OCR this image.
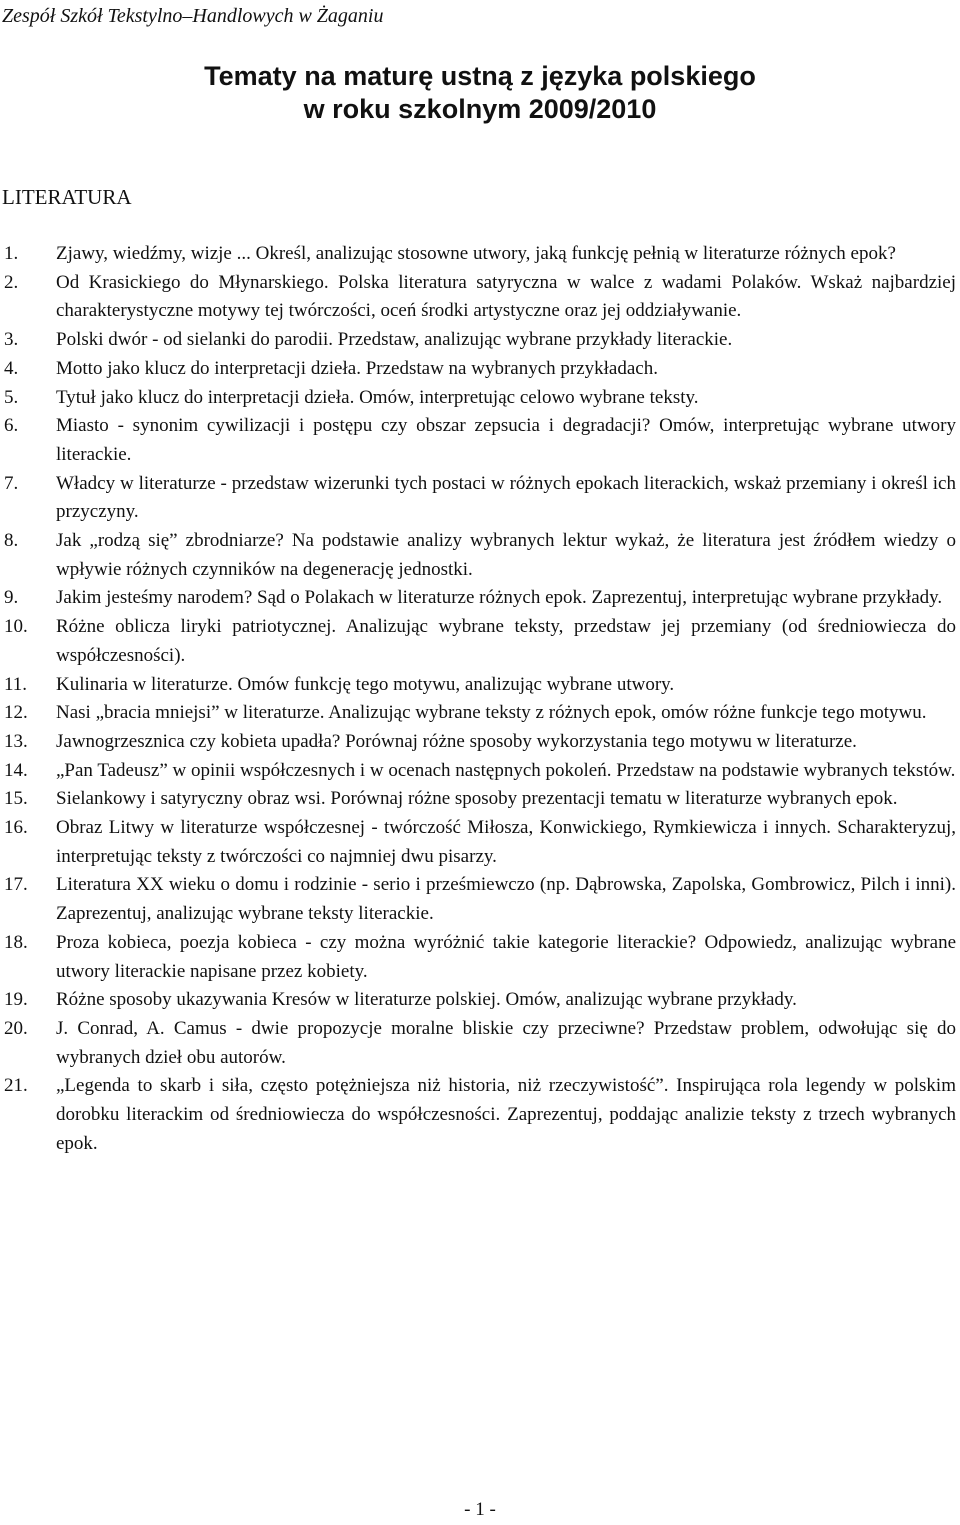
Zespół Szkół Tekstylno–Handlowych w Żaganiu
Tematy na maturę ustną z języka polskiego
w roku szkolnym 2009/2010
LITERATURA
1. Zjawy, wiedźmy, wizje ... Określ, analizując stosowne utwory, jaką funkcję pełnią w literaturze różnych epok?
2. Od Krasickiego do Młynarskiego. Polska literatura satyryczna w walce z wadami Polaków. Wskaż najbardziej charakterystyczne motywy tej twórczości, oceń środki artystyczne oraz jej oddziaływanie.
3. Polski dwór - od sielanki do parodii. Przedstaw, analizując wybrane przykłady literackie.
4. Motto jako klucz do interpretacji dzieła. Przedstaw na wybranych przykładach.
5. Tytuł jako klucz do interpretacji dzieła. Omów, interpretując celowo wybrane teksty.
6. Miasto - synonim cywilizacji i postępu czy obszar zepsucia i degradacji? Omów, interpretując wybrane utwory literackie.
7. Władcy w literaturze - przedstaw wizerunki tych postaci w różnych epokach literackich, wskaż przemiany i określ ich przyczyny.
8. Jak „rodzą się” zbrodniarze? Na podstawie analizy wybranych lektur wykaż, że literatura jest źródłem wiedzy o wpływie różnych czynników na degenerację jednostki.
9. Jakim jesteśmy narodem? Sąd o Polakach w literaturze różnych epok. Zaprezentuj, interpretując wybrane przykłady.
10. Różne oblicza liryki patriotycznej. Analizując wybrane teksty, przedstaw jej przemiany (od średniowiecza do współczesności).
11. Kulinaria w literaturze. Omów funkcję tego motywu, analizując wybrane utwory.
12. Nasi „bracia mniejsi” w literaturze. Analizując wybrane teksty z różnych epok, omów różne funkcje tego motywu.
13. Jawnogrzesznica czy kobieta upadła? Porównaj różne sposoby wykorzystania tego motywu w literaturze.
14. „Pan Tadeusz” w opinii współczesnych i w ocenach następnych pokoleń. Przedstaw na podstawie wybranych tekstów.
15. Sielankowy i satyryczny obraz wsi. Porównaj różne sposoby prezentacji tematu w literaturze wybranych epok.
16. Obraz Litwy w literaturze współczesnej - twórczość Miłosza, Konwickiego, Rymkiewicza i innych. Scharakteryzuj, interpretując teksty z twórczości co najmniej dwu pisarzy.
17. Literatura XX wieku o domu i rodzinie - serio i prześmiewczo (np. Dąbrowska, Zapolska, Gombrowicz, Pilch i inni). Zaprezentuj, analizując wybrane teksty literackie.
18. Proza kobieca, poezja kobieca - czy można wyróżnić takie kategorie literackie? Odpowiedz, analizując wybrane utwory literackie napisane przez kobiety.
19. Różne sposoby ukazywania Kresów w literaturze polskiej. Omów, analizując wybrane przykłady.
20. J. Conrad, A. Camus - dwie propozycje moralne bliskie czy przeciwne? Przedstaw problem, odwołując się do wybranych dzieł obu autorów.
21. „Legenda to skarb i siła, często potężniejsza niż historia, niż rzeczywistość”. Inspirująca rola legendy w polskim dorobku literackim od średniowiecza do współczesności. Zaprezentuj, poddając analizie teksty z trzech wybranych epok.
- 1 -
